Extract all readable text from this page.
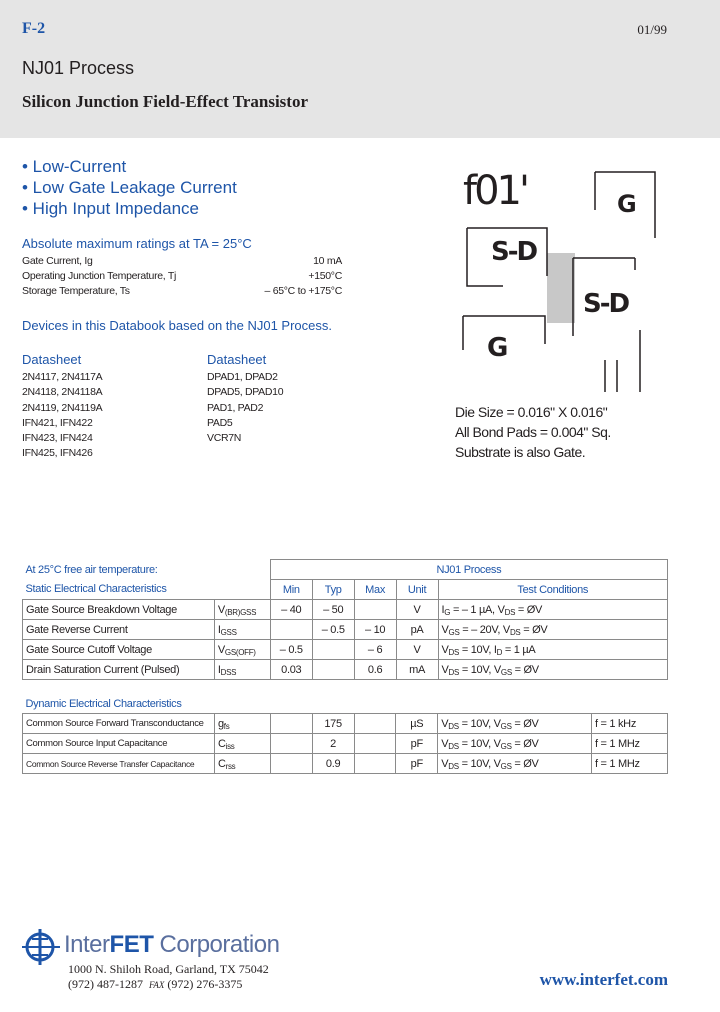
F-2	01/99
NJ01 Process
Silicon Junction Field-Effect Transistor
• Low-Current
• Low Gate Leakage Current
• High Input Impedance
Absolute maximum ratings at TA = 25°C
Gate Current, Ig	10 mA
Operating Junction Temperature, Tj	+150°C
Storage Temperature, Ts	– 65°C to +175°C
Devices in this Databook based on the NJ01 Process.
Datasheet	Datasheet
2N4117, 2N4117A
2N4118, 2N4118A
2N4119, 2N4119A
IFN421, IFN422
IFN423, IFN424
IFN425, IFN426
DPAD1, DPAD2
DPAD5, DPAD10
PAD1, PAD2
PAD5
VCR7N
f01'	G
S-D
S-D
G
Die Size = 0.016" X 0.016"
All Bond Pads = 0.004" Sq.
Substrate is also Gate.
At 25°C free air temperature:		NJ01 Process				
Static Electrical Characteristics		Min	Typ	Max	Unit	Test Conditions
Gate Source Breakdown Voltage	$V_{(BR)GSS}$	– 40	– 50		V	$I_G$ = – 1 µA, $V_{DS}$ = ØV
Gate Reverse Current	$I_{GSS}$		– 0.5	– 10	pA	$V_{GS}$ = – 20V, $V_{DS}$ = ØV
Gate Source Cutoff Voltage	$V_{GS(OFF)}$	– 0.5		– 6	V	$V_{DS} = 10V$, $I_D = 1$ µA
Drain Saturation Current (Pulsed)	$I_{DSS}$	0.03		0.6	mA	$V_{DS} = 10V$, $V_{GS}$ = ØV
Dynamic Electrical Characteristics							
Common Source Forward Transconductance	$g_{fs}$		175		µS	$V_{DS} = 10V$, $V_{GS}$ = ØV	f = 1 kHz
Common Source Input Capacitance	$C_{iss}$		2		pF	$V_{DS} = 10V$, $V_{GS}$ = ØV	f = 1 MHz
Common Source Reverse Transfer Capacitance	$C_{rss}$		0.9		pF	$V_{DS} = 10V$, $V_{GS}$ = ØV	f = 1 MHz
InterFET Corporation
1000 N. Shiloh Road, Garland, TX 75042
(972) 487-1287 FAX (972) 276-3375	www.interfet.com
